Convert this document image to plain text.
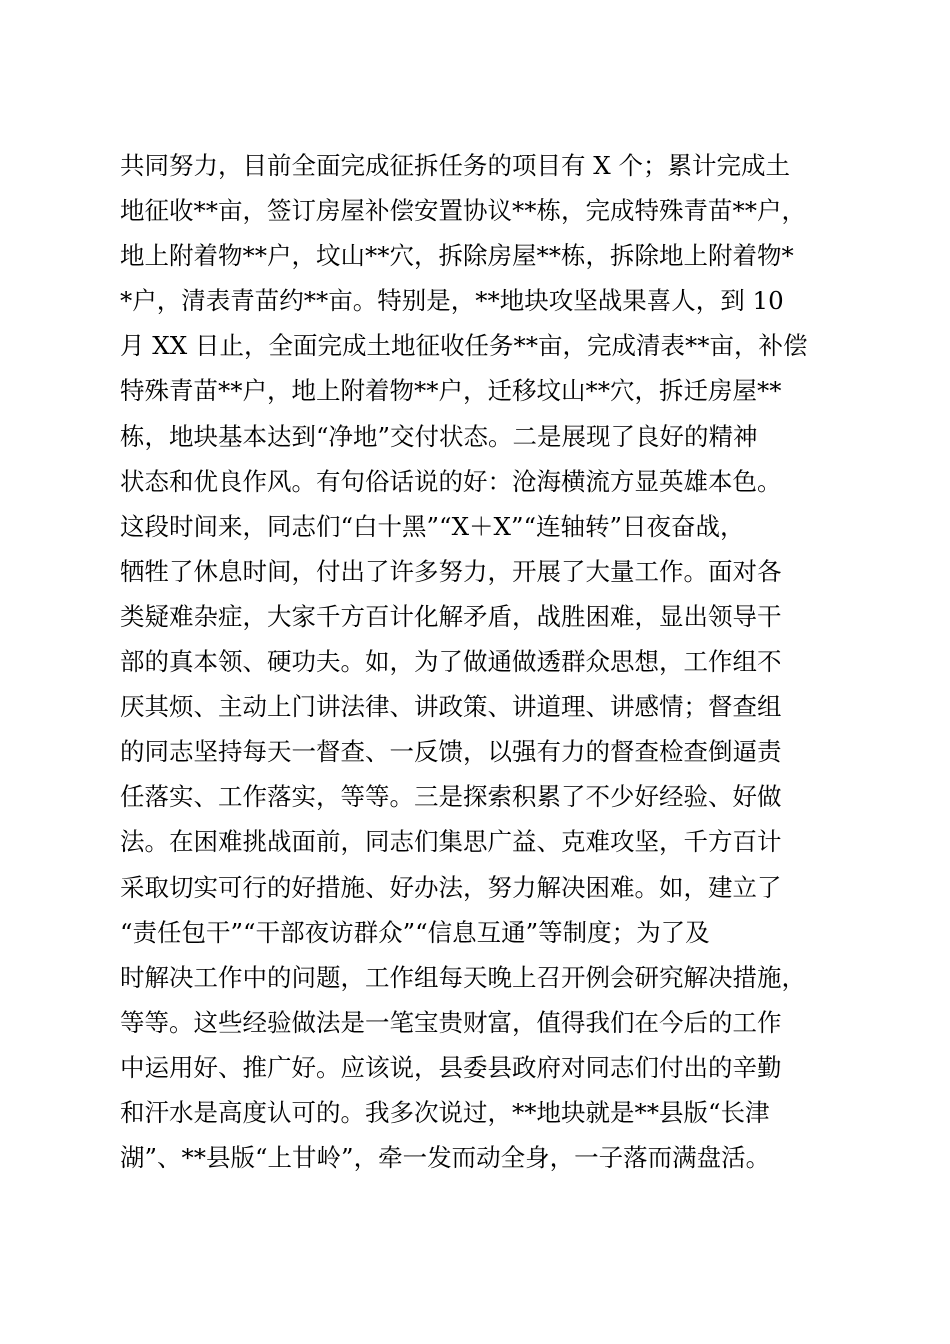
共同努力，目前全面完成征拆任务的项目有 X 个；累计完成土
地征收**亩，签订房屋补偿安置协议**栋，完成特殊青苗**户，
地上附着物**户，坟山**穴，拆除房屋**栋，拆除地上附着物*
*户，清表青苗约**亩。特别是，**地块攻坚战果喜人，到 10
月 XX 日止，全面完成土地征收任务**亩，完成清表**亩，补偿
特殊青苗**户，地上附着物**户，迁移坟山**穴，拆迁房屋**
栋，地块基本达到“净地”交付状态。二是展现了良好的精神
状态和优良作风。有句俗话说的好：沧海横流方显英雄本色。
这段时间来，同志们“白十黑”“X＋X”“连轴转”日夜奋战，
牺牲了休息时间，付出了许多努力，开展了大量工作。面对各
类疑难杂症，大家千方百计化解矛盾，战胜困难，显出领导干
部的真本领、硬功夫。如，为了做通做透群众思想，工作组不
厌其烦、主动上门讲法律、讲政策、讲道理、讲感情；督查组
的同志坚持每天一督查、一反馈，以强有力的督查检查倒逼责
任落实、工作落实，等等。三是探索积累了不少好经验、好做
法。在困难挑战面前，同志们集思广益、克难攻坚，千方百计
采取切实可行的好措施、好办法，努力解决困难。如，建立了
“责任包干”“干部夜访群众”“信息互通”等制度；为了及
时解决工作中的问题，工作组每天晚上召开例会研究解决措施，
等等。这些经验做法是一笔宝贵财富，值得我们在今后的工作
中运用好、推广好。应该说，县委县政府对同志们付出的辛勤
和汗水是高度认可的。我多次说过，**地块就是**县版“长津
湖”、**县版“上甘岭”，牵一发而动全身，一子落而满盘活。
